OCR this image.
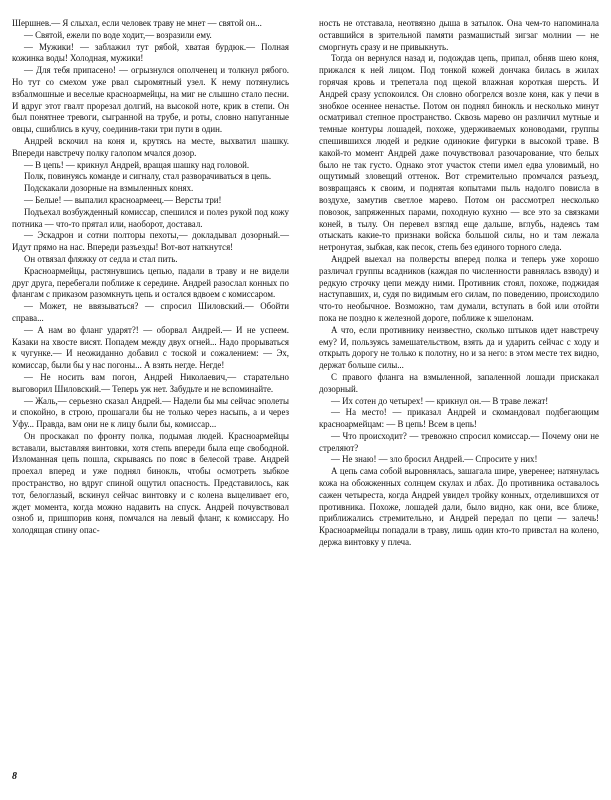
Шершнев.— Я слыхал, если человек траву не мнет — святой он...

— Святой, ежели по воде ходит,— возразили ему.

— Мужики! — заблажил тут рябой, хватая бурдюк.— Полная кожинка воды! Холодная, мужики!

— Для тебя припасено! — огрызнулся ополченец и толкнул рябого. Но тут со смехом уже рвал сыромятный узел. К нему потянулись взбалмошные и веселые красноармейцы, на миг не слышно стало песни. И вдруг этот гвалт прорезал долгий, на высокой ноте, крик в степи. Он был понятнее тревоги, сыгранной на трубе, и роты, словно напуганные овцы, сшиблись в кучу, соединив-таки три пути в один.

Андрей вскочил на коня и, крутясь на месте, выхватил шашку. Впереди навстречу полку галопом мчался дозор.

— В цепь! — крикнул Андрей, вращая шашку над головой.

Полк, повинуясь команде и сигналу, стал разворачиваться в цепь.

Подскакали дозорные на взмыленных конях.

— Белые! — выпалил красноармеец.— Версты три!

Подъехал возбужденный комиссар, спешился и полез рукой под кожу потника — что-то прятал или, наоборот, доставал.

— Эскадрон и сотни полторы пехоты,— докладывал дозорный.— Идут прямо на нас. Впереди разъезды! Вот-вот наткнутся!

Он отвязал фляжку от седла и стал пить.

Красноармейцы, растянувшись цепью, падали в траву и не видели друг друга, перебегали поближе к середине. Андрей разослал конных по флангам с приказом разомкнуть цепь и остался вдвоем с комиссаром.

— Может, не ввязываться? — спросил Шиловский.— Обойти справа...

— А нам во фланг ударят?! — оборвал Андрей.— И не успеем. Казаки на хвосте висят. Попадем между двух огней... Надо прорываться к чугунке.— И неожиданно добавил с тоской и сожалением: — Эх, комиссар, были бы у нас погоны... А взять негде. Негде!

— Не носить вам погон, Андрей Николаевич,— старательно выговорил Шиловский.— Теперь уж нет. Забудьте и не вспоминайте.

— Жаль,— серьезно сказал Андрей.— Надели бы мы сейчас эполеты и спокойно, в строю, прошагали бы не только через насыпь, а и через Уфу... Правда, вам они не к лицу были бы, комиссар...

Он проскакал по фронту полка, подымая людей. Красноармейцы вставали, выставляя винтовки, хотя степь впереди была еще свободной. Изломанная цепь пошла, скрываясь по пояс в белесой траве. Андрей проехал вперед и уже поднял бинокль, чтобы осмотреть зыбкое пространство, но вдруг спиной ощутил опасность. Представилось, как тот, белоглазый, вскинул сейчас винтовку и с колена выцеливает его, ждет момента, когда можно надавить на спуск. Андрей почувствовал озноб и, пришпорив коня, помчался на левый фланг, к комиссару. Но холодящая спину опас-

ность не отставала, неотвязно дыша в затылок. Она чем-то напоминала оставшийся в зрительной памяти размашистый зигзаг молнии — не сморгнуть сразу и не привыкнуть.

Тогда он вернулся назад и, подождав цепь, припал, обняв шею коня, прижался к ней лицом. Под тонкой кожей дончака билась в жилах горячая кровь и трепетала под щекой влажная короткая шерсть. И Андрей сразу успокоился. Он словно обогрелся возле коня, как у печи в знобкое осеннее ненастье. Потом он поднял бинокль и несколько минут осматривал степное пространство. Сквозь марево он различил мутные и темные контуры лошадей, похоже, удерживаемых коноводами, группы спешившихся людей и редкие одинокие фигурки в высокой траве. В какой-то момент Андрей даже почувствовал разочарование, что белых было не так густо. Однако этот участок степи имел едва уловимый, но ощутимый зловещий оттенок. Вот стремительно промчался разъезд, возвращаясь к своим, и поднятая копытами пыль надолго повисла в воздухе, замутив светлое марево. Потом он рассмотрел несколько повозок, запряженных парами, походную кухню — все это за связками коней, в тылу. Он перевел взгляд еще дальше, вглубь, надеясь там отыскать какие-то признаки войска большой силы, но и там лежала нетронутая, зыбкая, как песок, степь без единого торного следа.

Андрей выехал на полверсты вперед полка и теперь уже хорошо различал группы всадников (каждая по численности равнялась взводу) и редкую строчку цепи между ними. Противник стоял, похоже, поджидая наступавших, и, судя по видимым его силам, по поведению, происходило что-то необычное. Возможно, там думали, вступать в бой или отойти пока не поздно к железной дороге, поближе к эшелонам.

А что, если противнику неизвестно, сколько штыков идет навстречу ему? И, пользуясь замешательством, взять да и ударить сейчас с ходу и открыть дорогу не только к полотну, но и за него: в этом месте тех видно, держат больше силы...

С правого фланга на взмыленной, запаленной лошади прискакал дозорный.

— Их сотен до четырех! — крикнул он.— В траве лежат!

— На место! — приказал Андрей и скомандовал подбегающим красноармейцам: — В цепь! Всем в цепь!

— Что происходит? — тревожно спросил комиссар.— Почему они не стреляют?

— Не знаю! — зло бросил Андрей.— Спросите у них!

А цепь сама собой выровнялась, зашагала шире, уверенее; натянулась кожа на обожженных солнцем скулах и лбах. До противника оставалось сажен четыреста, когда Андрей увидел тройку конных, отделившихся от противника. Похоже, лошадей дали, было видно, как они, все ближе, приближались стремительно, и Андрей передал по цепи — залечь! Красноармейцы попадали в траву, лишь один кто-то привстал на колено, держа винтовку у плеча.

8
